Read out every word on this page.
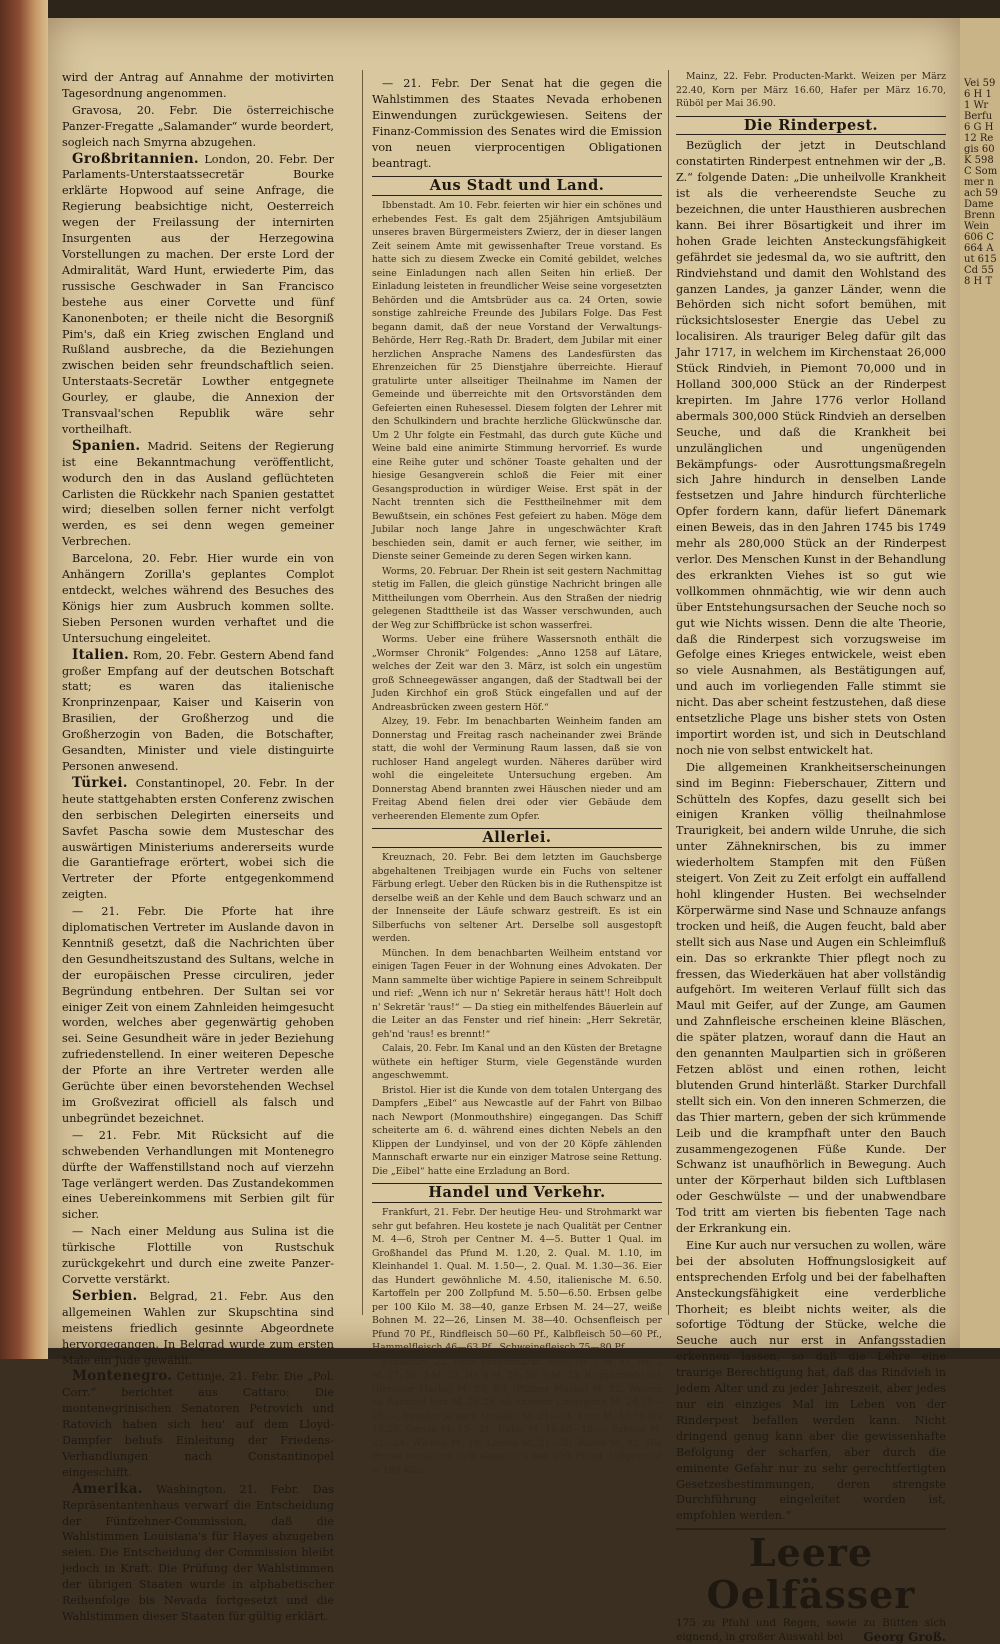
Vei 596 H 11 Wr Berfu 6 G H 12 Regis 60 K 598 C Sommer nach 59 Dame Brenn Wein 606 C 664 Aut 615 Cd 558 H T

wird der Antrag auf Annahme der motivirten Tagesordnung angenommen.

Gravosa, 20. Febr. Die österreichische Panzer-Fregatte „Salamander“ wurde beordert, sogleich nach Smyrna abzugehen.

Großbritannien. London, 20. Febr. Der Parlaments-Unterstaatssecretär Bourke erklärte Hopwood auf seine Anfrage, die Regierung beabsichtige nicht, Oesterreich wegen der Freilassung der internirten Insurgenten aus der Herzegowina Vorstellungen zu machen. Der erste Lord der Admiralität, Ward Hunt, erwiederte Pim, das russische Geschwader in San Francisco bestehe aus einer Corvette und fünf Kanonenboten; er theile nicht die Besorgniß Pim's, daß ein Krieg zwischen England und Rußland ausbreche, da die Beziehungen zwischen beiden sehr freundschaftlich seien. Unterstaats-Secretär Lowther entgegnete Gourley, er glaube, die Annexion der Transvaal'schen Republik wäre sehr vortheilhaft.

Spanien. Madrid. Seitens der Regierung ist eine Bekanntmachung veröffentlicht, wodurch den in das Ausland geflüchteten Carlisten die Rückkehr nach Spanien gestattet wird; dieselben sollen ferner nicht verfolgt werden, es sei denn wegen gemeiner Verbrechen.

Barcelona, 20. Febr. Hier wurde ein von Anhängern Zorilla's geplantes Complot entdeckt, welches während des Besuches des Königs hier zum Ausbruch kommen sollte. Sieben Personen wurden verhaftet und die Untersuchung eingeleitet.

Italien. Rom, 20. Febr. Gestern Abend fand großer Empfang auf der deutschen Botschaft statt; es waren das italienische Kronprinzenpaar, Kaiser und Kaiserin von Brasilien, der Großherzog und die Großherzogin von Baden, die Botschafter, Gesandten, Minister und viele distinguirte Personen anwesend.

Türkei. Constantinopel, 20. Febr. In der heute stattgehabten ersten Conferenz zwischen den serbischen Delegirten einerseits und Savfet Pascha sowie dem Musteschar des auswärtigen Ministeriums andererseits wurde die Garantiefrage erörtert, wobei sich die Vertreter der Pforte entgegenkommend zeigten.

— 21. Febr. Die Pforte hat ihre diplomatischen Vertreter im Auslande davon in Kenntniß gesetzt, daß die Nachrichten über den Gesundheitszustand des Sultans, welche in der europäischen Presse circuliren, jeder Begründung entbehren. Der Sultan sei vor einiger Zeit von einem Zahnleiden heimgesucht worden, welches aber gegenwärtig gehoben sei. Seine Gesundheit wäre in jeder Beziehung zufriedenstellend. In einer weiteren Depesche der Pforte an ihre Vertreter werden alle Gerüchte über einen bevorstehenden Wechsel im Großvezirat officiell als falsch und unbegründet bezeichnet.

— 21. Febr. Mit Rücksicht auf die schwebenden Verhandlungen mit Montenegro dürfte der Waffenstillstand noch auf vierzehn Tage verlängert werden. Das Zustandekommen eines Uebereinkommens mit Serbien gilt für sicher.

— Nach einer Meldung aus Sulina ist die türkische Flottille von Rustschuk zurückgekehrt und durch eine zweite Panzer-Corvette verstärkt.

Serbien. Belgrad, 21. Febr. Aus den allgemeinen Wahlen zur Skupschtina sind meistens friedlich gesinnte Abgeordnete hervorgegangen. In Belgrad wurde zum ersten Male ein Jude gewählt.

Montenegro. Cettinje, 21. Febr. Die „Pol. Corr.“ berichtet aus Cattaro: Die montenegrinischen Senatoren Petrovich und Ratovich haben sich heu' auf dem Lloyd-Dampfer behufs Einleitung der Friedens-Verhandlungen nach Constantinopel eingeschifft.

Amerika. Washington, 21. Febr. Das Repräsentantenhaus verwarf die Entscheidung der Fünfzehner-Commission, daß die Wahlstimmen Louisiana's für Hayes abzugeben seien. Die Entscheidung der Commission bleibt jedoch in Kraft. Die Prüfung der Wahlstimmen der übrigen Staaten wurde in alphabetischer Reihenfolge bis Nevada fortgesetzt und die Wahlstimmen dieser Staaten für gültig erklärt.

— 21. Febr. Der Senat hat die gegen die Wahlstimmen des Staates Nevada erhobenen Einwendungen zurückgewiesen. Seitens der Finanz-Commission des Senates wird die Emission von neuen vierprocentigen Obligationen beantragt.

Aus Stadt und Land.

Ibbenstadt. Am 10. Febr. feierten wir hier ein schönes und erhebendes Fest. Es galt dem 25jährigen Amtsjubiläum unseres braven Bürgermeisters Zwierz, der in dieser langen Zeit seinem Amte mit gewissenhafter Treue vorstand. Es hatte sich zu diesem Zwecke ein Comité gebildet, welches seine Einladungen nach allen Seiten hin erließ. Der Einladung leisteten in freundlicher Weise seine vorgesetzten Behörden und die Amtsbrüder aus ca. 24 Orten, sowie sonstige zahlreiche Freunde des Jubilars Folge. Das Fest begann damit, daß der neue Vorstand der Verwaltungs-Behörde, Herr Reg.-Rath Dr. Bradert, dem Jubilar mit einer herzlichen Ansprache Namens des Landesfürsten das Ehrenzeichen für 25 Dienstjahre überreichte. Hierauf gratulirte unter allseitiger Theilnahme im Namen der Gemeinde und überreichte mit den Ortsvorständen dem Gefeierten einen Ruhesessel. Diesem folgten der Lehrer mit den Schulkindern und brachte herzliche Glückwünsche dar. Um 2 Uhr folgte ein Festmahl, das durch gute Küche und Weine bald eine animirte Stimmung hervorrief. Es wurde eine Reihe guter und schöner Toaste gehalten und der hiesige Gesangverein schloß die Feier mit einer Gesangsproduction in würdiger Weise. Erst spät in der Nacht trennten sich die Festtheilnehmer mit dem Bewußtsein, ein schönes Fest gefeiert zu haben. Möge dem Jubilar noch lange Jahre in ungeschwächter Kraft beschieden sein, damit er auch ferner, wie seither, im Dienste seiner Gemeinde zu deren Segen wirken kann.

Worms, 20. Februar. Der Rhein ist seit gestern Nachmittag stetig im Fallen, die gleich günstige Nachricht bringen alle Mittheilungen vom Oberrhein. Aus den Straßen der niedrig gelegenen Stadttheile ist das Wasser verschwunden, auch der Weg zur Schiffbrücke ist schon wasserfrei.

Worms. Ueber eine frühere Wassersnoth enthält die „Wormser Chronik“ Folgendes: „Anno 1258 auf Lätare, welches der Zeit war den 3. März, ist solch ein ungestüm groß Schneegewässer angangen, daß der Stadtwall bei der Juden Kirchhof ein groß Stück eingefallen und auf der Andreasbrücken zween gestern Höf.“

Alzey, 19. Febr. Im benachbarten Weinheim fanden am Donnerstag und Freitag rasch nacheinander zwei Brände statt, die wohl der Verminung Raum lassen, daß sie von ruchloser Hand angelegt wurden. Näheres darüber wird wohl die eingeleitete Untersuchung ergeben. Am Donnerstag Abend brannten zwei Häuschen nieder und am Freitag Abend fielen drei oder vier Gebäude dem verheerenden Elemente zum Opfer.

Allerlei.

Kreuznach, 20. Febr. Bei dem letzten im Gauchsberge abgehaltenen Treibjagen wurde ein Fuchs von seltener Färbung erlegt. Ueber den Rücken bis in die Ruthenspitze ist derselbe weiß an der Kehle und dem Bauch schwarz und an der Innenseite der Läufe schwarz gestreift. Es ist ein Silberfuchs von seltener Art. Derselbe soll ausgestopft werden.

München. In dem benachbarten Weilheim entstand vor einigen Tagen Feuer in der Wohnung eines Advokaten. Der Mann sammelte über wichtige Papiere in seinem Schreibpult und rief: „Wenn ich nur n' Sekretär heraus hätt'! Holt doch n' Sekretär 'raus!“ — Da stieg ein mithelfendes Bäuerlein auf die Leiter an das Fenster und rief hinein: „Herr Sekretär, geh'nd 'raus! es brennt!“

Calais, 20. Febr. Im Kanal und an den Küsten der Bretagne wüthete ein heftiger Sturm, viele Gegenstände wurden angeschwemmt.

Bristol. Hier ist die Kunde von dem totalen Untergang des Dampfers „Eibel“ aus Newcastle auf der Fahrt von Bilbao nach Newport (Monmouthshire) eingegangen. Das Schiff scheiterte am 6. d. während eines dichten Nebels an den Klippen der Lundyinsel, und von der 20 Köpfe zählenden Mannschaft erwarte nur ein einziger Matrose seine Rettung. Die „Eibel“ hatte eine Erzladung an Bord.

Handel und Verkehr.

Frankfurt, 21. Febr. Der heutige Heu- und Strohmarkt war sehr gut befahren. Heu kostete je nach Qualität per Centner M. 4—6, Stroh per Centner M. 4—5. Butter 1 Qual. im Großhandel das Pfund M. 1.20, 2. Qual. M. 1.10, im Kleinhandel 1. Qual. M. 1.50—, 2. Qual. M. 1.30—36. Eier das Hundert gewöhnliche M. 4.50, italienische M. 6.50. Kartoffeln per 200 Zollpfund M. 5.50—6.50. Erbsen gelbe per 100 Kilo M. 38—40, ganze Erbsen M. 24—27, weiße Bohnen M. 22—26, Linsen M. 38—40. Ochsenfleisch per Pfund 70 Pf., Rindfleisch 50—60 Pf., Kalbfleisch 50—60 Pf., Hammelfleisch 46—63 Pf., Schweinefleisch 75—80 Pf.

Frankfurt, 22. Febr. Fruchtmarkt. Mehl Nr. 1 M. 41, Nr. 2 M. 37, Nr. 3 M. 33, Nr. 4 M. 29, Nr. 5 M. 23. Roggenmehl 0/1 (Berliner Marke) M. 27, 0/1 (Pfälzer Marke) M. 22. Weizen ab Bahnhof hier M. 26.25, ab unserer Umgegend M. 24.75—25.—, fremder je nach Qualität M. 21—24. Korn M. 17.75 bis 19.25. Gerste M. 19—21. Hafer M. 15.50—18.—. Erbsen M. 21—24. Wicken M. 19. Linsen M. 21—30. Rüböl M. 82. Die Preise verstehen sich sämmtlich per 200 Pfund Zollgewicht = 100 Kilo.

Mainz, 22. Febr. Producten-Markt. Weizen per März 22.40, Korn per März 16.60, Hafer per März 16.70, Rüböl per Mai 36.90.

Die Rinderpest.

Bezüglich der jetzt in Deutschland constatirten Rinderpest entnehmen wir der „B. Z.“ folgende Daten: „Die unheilvolle Krankheit ist als die verheerendste Seuche zu bezeichnen, die unter Hausthieren ausbrechen kann. Bei ihrer Bösartigkeit und ihrer im hohen Grade leichten Ansteckungsfähigkeit gefährdet sie jedesmal da, wo sie auftritt, den Rindviehstand und damit den Wohlstand des ganzen Landes, ja ganzer Länder, wenn die Behörden sich nicht sofort bemühen, mit rücksichtslosester Energie das Uebel zu localisiren. Als trauriger Beleg dafür gilt das Jahr 1717, in welchem im Kirchenstaat 26,000 Stück Rindvieh, in Piemont 70,000 und in Holland 300,000 Stück an der Rinderpest krepirten. Im Jahre 1776 verlor Holland abermals 300,000 Stück Rindvieh an derselben Seuche, und daß die Krankheit bei unzulänglichen und ungenügenden Bekämpfungs- oder Ausrottungsmaßregeln sich Jahre hindurch in denselben Lande festsetzen und Jahre hindurch fürchterliche Opfer fordern kann, dafür liefert Dänemark einen Beweis, das in den Jahren 1745 bis 1749 mehr als 280,000 Stück an der Rinderpest verlor. Des Menschen Kunst in der Behandlung des erkrankten Viehes ist so gut wie vollkommen ohnmächtig, wie wir denn auch über Entstehungsursachen der Seuche noch so gut wie Nichts wissen. Denn die alte Theorie, daß die Rinderpest sich vorzugsweise im Gefolge eines Krieges entwickele, weist eben so viele Ausnahmen, als Bestätigungen auf, und auch im vorliegenden Falle stimmt sie nicht. Das aber scheint festzustehen, daß diese entsetzliche Plage uns bisher stets von Osten importirt worden ist, und sich in Deutschland noch nie von selbst entwickelt hat.

Die allgemeinen Krankheitserscheinungen sind im Beginn: Fieberschauer, Zittern und Schütteln des Kopfes, dazu gesellt sich bei einigen Kranken völlig theilnahmlose Traurigkeit, bei andern wilde Unruhe, die sich unter Zähneknirschen, bis zu immer wiederholtem Stampfen mit den Füßen steigert. Von Zeit zu Zeit erfolgt ein auffallend hohl klingender Husten. Bei wechselnder Körperwärme sind Nase und Schnauze anfangs trocken und heiß, die Augen feucht, bald aber stellt sich aus Nase und Augen ein Schleimfluß ein. Das so erkrankte Thier pflegt noch zu fressen, das Wiederkäuen hat aber vollständig aufgehört. Im weiteren Verlauf füllt sich das Maul mit Geifer, auf der Zunge, am Gaumen und Zahnfleische erscheinen kleine Bläschen, die später platzen, worauf dann die Haut an den genannten Maulpartien sich in größeren Fetzen ablöst und einen rothen, leicht blutenden Grund hinterläßt. Starker Durchfall stellt sich ein. Von den inneren Schmerzen, die das Thier martern, geben der sich krümmende Leib und die krampfhaft unter den Bauch zusammengezogenen Füße Kunde. Der Schwanz ist unaufhörlich in Bewegung. Auch unter der Körperhaut bilden sich Luftblasen oder Geschwülste — und der unabwendbare Tod tritt am vierten bis fiebenten Tage nach der Erkrankung ein.

Eine Kur auch nur versuchen zu wollen, wäre bei der absoluten Hoffnungslosigkeit auf entsprechenden Erfolg und bei der fabelhaften Ansteckungsfähigkeit eine verderbliche Thorheit; es bleibt nichts weiter, als die sofortige Tödtung der Stücke, welche die Seuche auch nur erst in Anfangsstadien erkennen lassen, so daß die Lehre eine traurige Berechtigung hat, daß das Rindvieh in jedem Alter und zu jeder Jahreszeit, aber jedes nur ein einziges Mal im Leben von der Rinderpest befallen werden kann. Nicht dringend genug kann aber die gewissenhafte Befolgung der scharfen, aber durch die eminente Gefahr nur zu sehr gerechtfertigten Gesetzesbestimmungen, deren strengste Durchführung eingeleitet worden ist, empfohlen werden.“

Leere Oelfässer
175 zu Pfuhl und Regen, sowie zu Bütten sich eignend, in großer Auswahl bei Georg Groß.
